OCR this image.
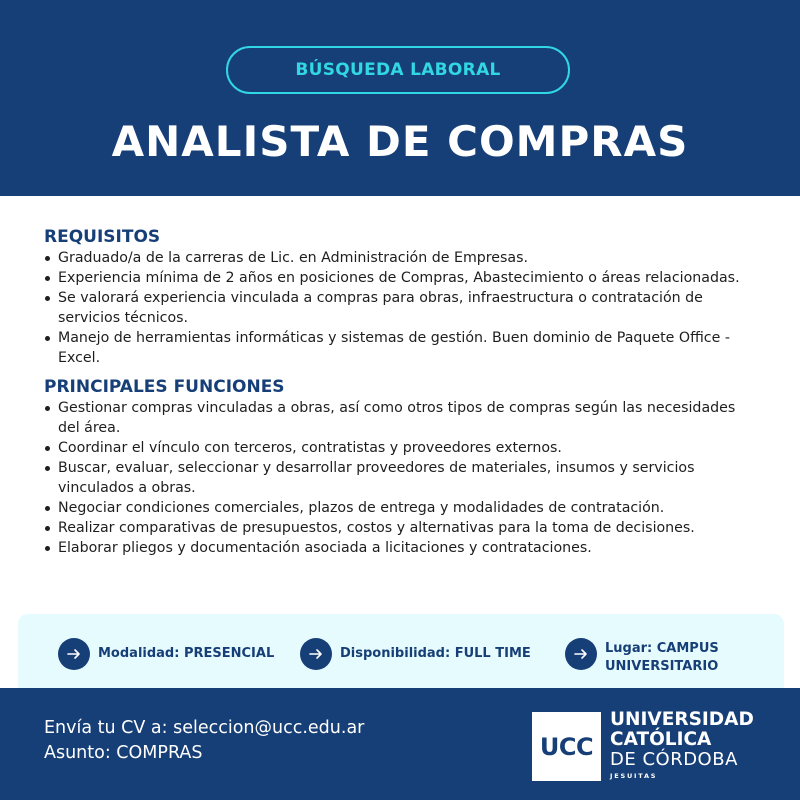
BÚSQUEDA LABORAL
ANALISTA DE COMPRAS
REQUISITOS
Graduado/a de la carreras de Lic. en Administración de Empresas.
Experiencia mínima de 2 años en posiciones de Compras, Abastecimiento o áreas relacionadas.
Se valorará experiencia vinculada a compras para obras, infraestructura o contratación de servicios técnicos.
Manejo de herramientas informáticas y sistemas de gestión. Buen dominio de Paquete Office - Excel.
PRINCIPALES FUNCIONES
Gestionar compras vinculadas a obras, así como otros tipos de compras según las necesidades del área.
Coordinar el vínculo con terceros, contratistas y proveedores externos.
Buscar, evaluar, seleccionar y desarrollar proveedores de materiales, insumos y servicios vinculados a obras.
Negociar condiciones comerciales, plazos de entrega y modalidades de contratación.
Realizar comparativas de presupuestos, costos y alternativas para la toma de decisiones.
Elaborar pliegos y documentación asociada a licitaciones y contrataciones.
Modalidad: PRESENCIAL	Disponibilidad: FULL TIME	Lugar: CAMPUS
UNIVERSITARIO
Envía tu CV a: seleccion@ucc.edu.ar
Asunto: COMPRAS	UCC
UNIVERSIDAD
CATÓLICA
DE CÓRDOBA
JESUITAS
